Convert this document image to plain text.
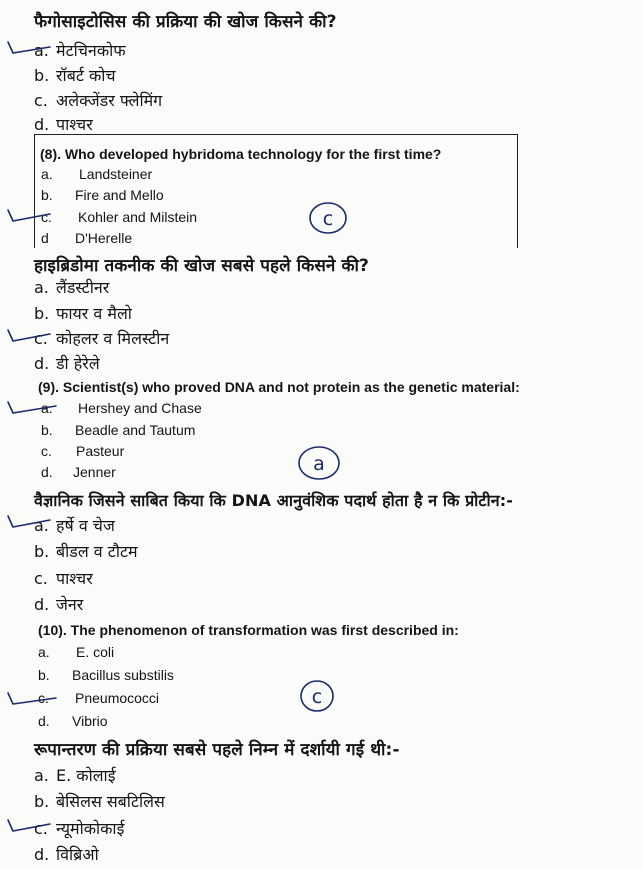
फैगोसाइटोसिस की प्रक्रिया की खोज किसने की?
a. मेटचिनकोफ
b. रॉबर्ट कोच
c. अलेक्जेंडर फ्लेमिंग
d. पाश्चर
(8). Who developed hybridoma technology for the first time?
a. Landsteiner
b. Fire and Mello
c. Kohler and Milstein
d D'Herelle
हाइब्रिडोमा तकनीक की खोज सबसे पहले किसने की?
a. लैंडस्टीनर
b. फायर व मैलो
c. कोहलर व मिलस्टीन
d. डी हेरेले
(9). Scientist(s) who proved DNA and not protein as the genetic material:
a. Hershey and Chase
b. Beadle and Tautum
c. Pasteur
d. Jenner
वैज्ञानिक जिसने साबित किया कि DNA आनुवंशिक पदार्थ होता है न कि प्रोटीन:-
a. हर्षे व चेज
b. बीडल व टौटम
c. पाश्चर
d. जेनर
(10). The phenomenon of transformation was first described in:
a. E. coli
b. Bacillus substilis
c. Pneumococci
d. Vibrio
रूपान्तरण की प्रक्रिया सबसे पहले निम्न में दर्शायी गई थी:-
a. E. कोलाई
b. बेसिलस सबटिलिस
c. न्यूमोकोकाई
d. विब्रिओ
c
a
c
